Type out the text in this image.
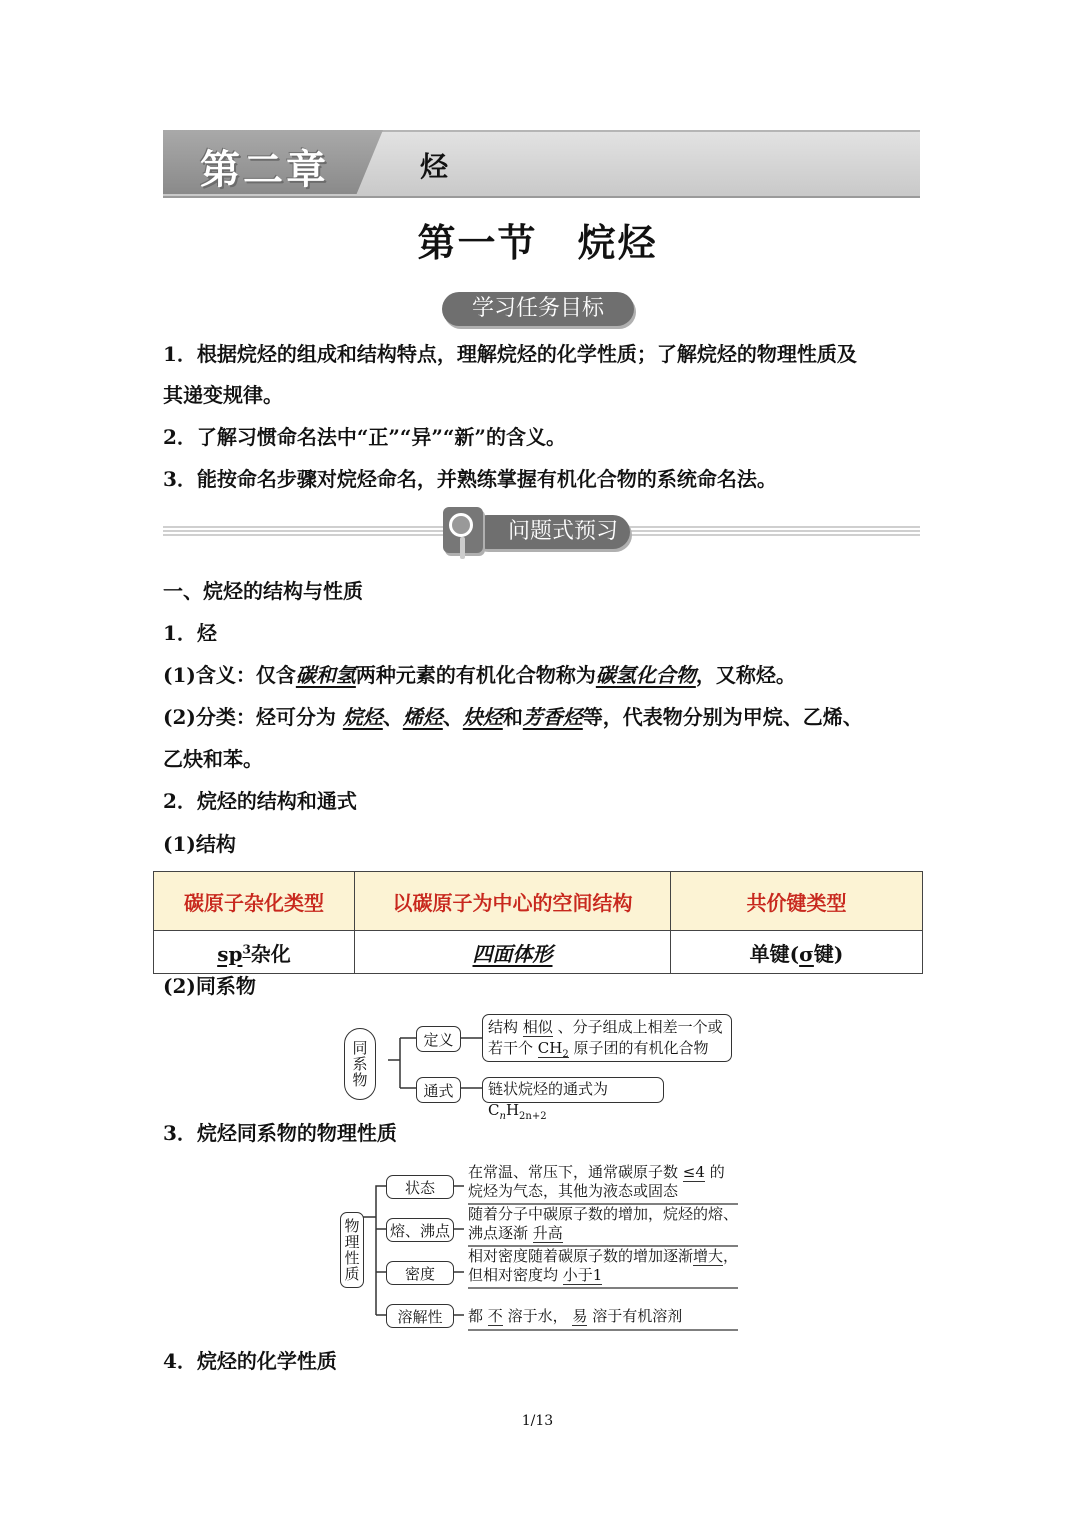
第二章	烃
第一节　烷烃
学习任务目标
1．根据烷烃的组成和结构特点，理解烷烃的化学性质；了解烷烃的物理性质及
其递变规律。
2．了解习惯命名法中“正”“异”“新”的含义。
3．能按命名步骤对烷烃命名，并熟练掌握有机化合物的系统命名法。
问题式预习
一、烷烃的结构与性质
1．烃
(1)含义：仅含碳和氢两种元素的有机化合物称为碳氢化合物，又称烃。
(2)分类：烃可分为 烷烃、烯烃、炔烃和芳香烃等，代表物分别为甲烷、乙烯、
乙炔和苯。
2．烷烃的结构和通式
(1)结构
碳原子杂化类型	以碳原子为中心的空间结构	共价键类型
$sp^3$杂化	四面体形	单键(σ键)
(2)同系物
同系物
定义
结构 相似 、分子组成上相差一个或
若干个 $CH_2$ 原子团的有机化合物
通式	链状烷烃的通式为$C_nH_{2n+2}$
3．烷烃同系物的物理性质
物理性质
状态
在常温、常压下，通常碳原子数 ≤4 的
烷烃为气态，其他为液态或固态
熔、沸点
随着分子中碳原子数的增加，烷烃的熔、
沸点逐渐 升高
密度
相对密度随着碳原子数的增加逐渐增大，
但相对密度均 小于1
溶解性	都 不 溶于水， 易 溶于有机溶剂
4．烷烃的化学性质
1/13
